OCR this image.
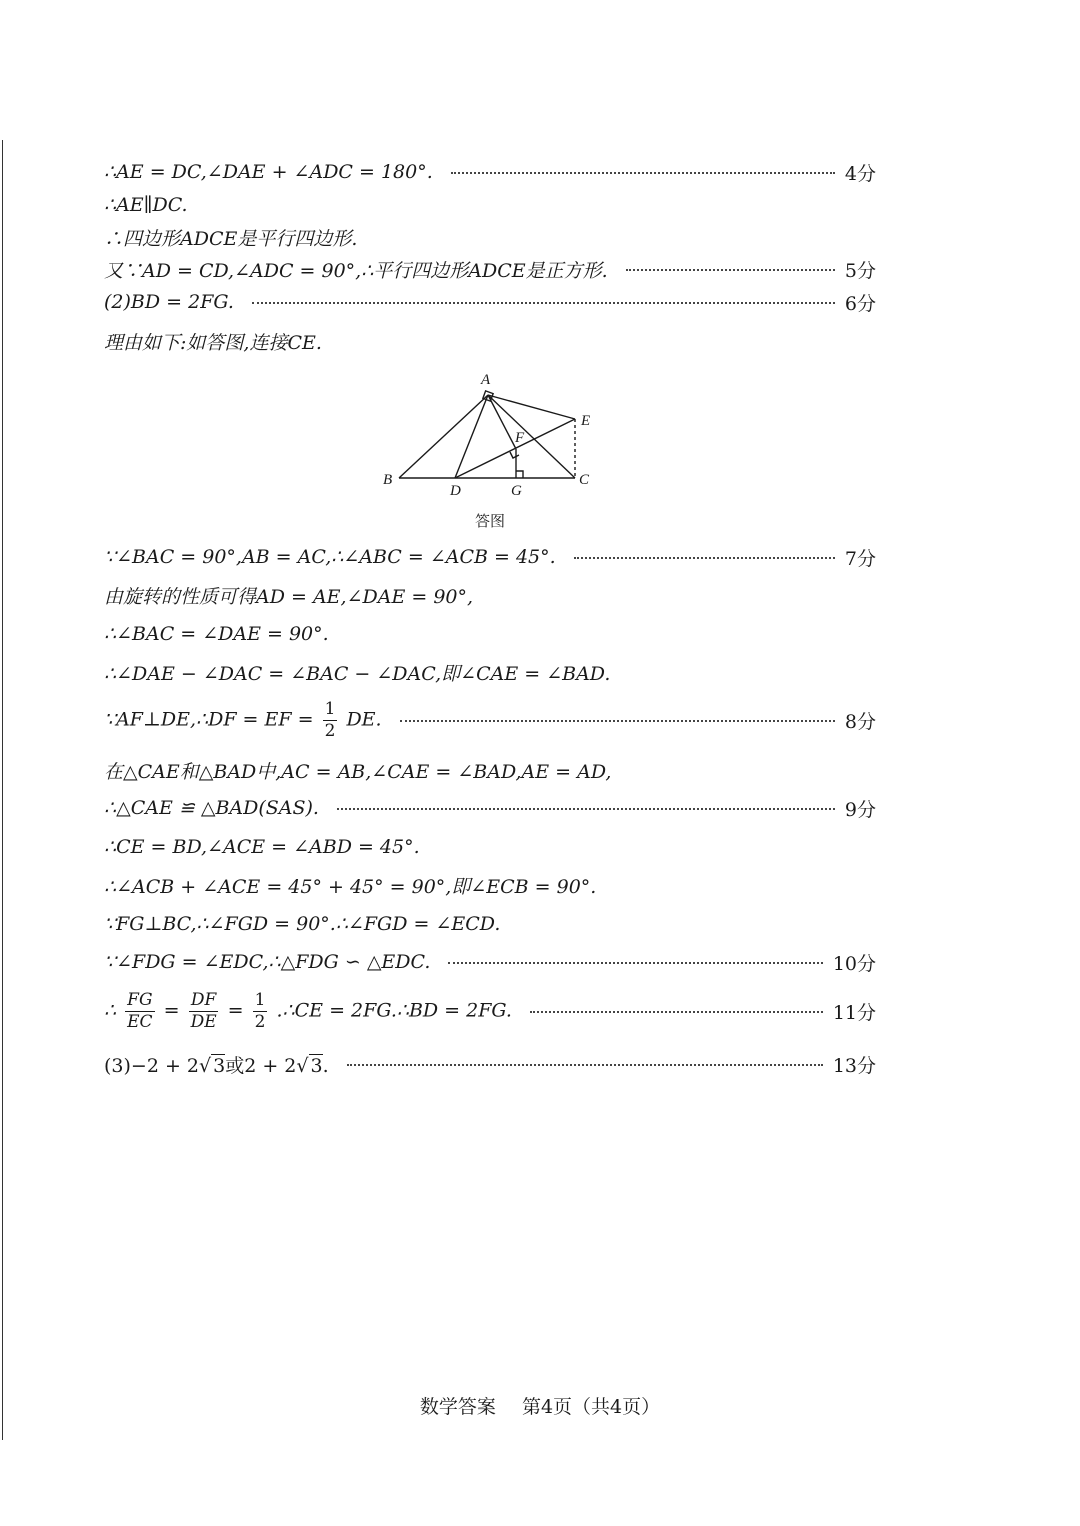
∴AE = DC,∠DAE + ∠ADC = 180°.	4分
∴AE∥DC.
∴四边形ADCE是平行四边形.
又∵AD = CD,∠ADC = 90°,∴平行四边形ADCE是正方形.	5分
(2)BD = 2FG.	6分
理由如下:如答图,连接CE.
A
B	C
D
E
F
G
答图
∵∠BAC = 90°,AB = AC,∴∠ABC = ∠ACB = 45°.	7分
由旋转的性质可得AD = AE,∠DAE = 90°,
∴∠BAC = ∠DAE = 90°.
∴∠DAE − ∠DAC = ∠BAC − ∠DAC,即∠CAE = ∠BAD.
∵AF⊥DE,∴DF = EF = $\frac{1}{2}$ DE.	8分
在△CAE和△BAD中,AC = AB,∠CAE = ∠BAD,AE = AD,
∴△CAE ≌ △BAD(SAS).	9分
∴CE = BD,∠ACE = ∠ABD = 45°.
∴∠ACB + ∠ACE = 45° + 45° = 90°,即∠ECB = 90°.
∵FG⊥BC,∴∠FGD = 90°.∴∠FGD = ∠ECD.
∵∠FDG = ∠EDC,∴△FDG ∽ △EDC.	10分
∴ $\frac{FG}{EC} = \frac{DF}{DE} = \frac{1}{2}$ .∴CE = 2FG.∴BD = 2FG.	11分
(3)−2 + 2√ 3或2 + 2√ 3.	13分
数学答案 第4页（共4页）
